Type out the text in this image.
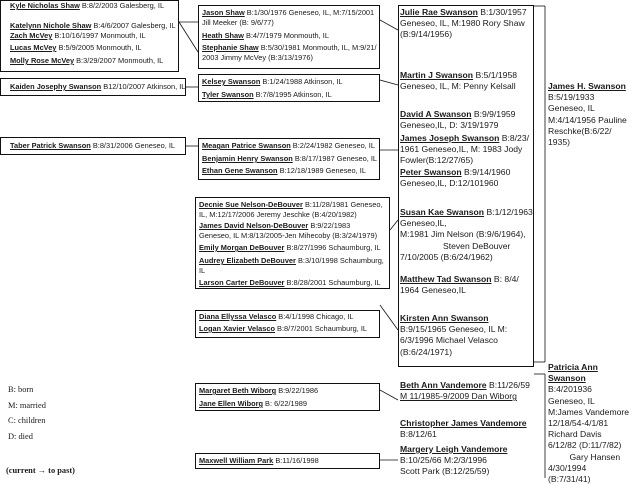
Kyle Nicholas Shaw B:8/2/2003 Galesberg, IL
Katelynn Nichole Shaw B:4/6/2007 Galesberg, IL
Zach McVey B:10/16/1997 Monmouth, IL
Lucas McVey B:5/9/2005 Monmouth, IL
Molly Rose McVey B:3/29/2007 Monmouth, IL
Kaiden Josephy Swanson B12/10/2007 Atkinson, IL
Taber Patrick Swanson B:8/31/2006 Geneseo, IL
Jason Shaw B:1/30/1976 Geneseo, IL, M:7/15/2001
Jill Meeker (B: 9/6/77)
Heath Shaw B:4/7/1979 Monmouth, IL
Stephanie Shaw B:5/30/1981 Monmouth, IL, M:9/21/
2003 Jimmy McVey (B:3/13/1976)
Kelsey Swanson B:1/24/1988 Atkinson, IL
Tyler Swanson B:7/8/1995 Atkinson, IL
Meagan Patrice Swanson B:2/24/1982 Geneseo, IL
Benjamin Henry Swanson B:8/17/1987 Geneseo, IL
Ethan Gene Swanson B:12/18/1989 Geneseo, IL
Decnie Sue Nelson-DeBouver B:11/28/1981 Geneseo,
IL, M:12/17/2006 Jeremy Jeschke (B:4/20/1982)
James David Nelson-DeBouver B:9/22/1983
Geneseo, IL M:8/13/2005-Jen Mihecoby (B:3/24/1979)
Emily Morgan DeBouver B:8/27/1996 Schaumburg, IL
Audrey Elizabeth DeBouver B:3/10/1998 Schaumburg,
IL
Larson Carter DeBouver B:8/28/2001 Schaumburg, IL
Diana Ellyssa Velasco B:4/1/1998 Chicago, IL
Logan Xavier Velasco B:8/7/2001 Schaumburg, IL
Margaret Beth Wiborg B:9/22/1986
Jane Ellen Wiborg B: 6/22/1989
Maxwell William Park B:11/16/1998
Julie Rae Swanson B:1/30/1957
Geneseo, IL, M:1980 Rory Shaw
(B:9/14/1956)
Martin J Swanson B:5/1/1958
Geneseo, IL, M: Penny Kelsall
David A Swanson B:9/9/1959
Geneseo,IL, D: 3/19/1979
James Joseph Swanson B:8/23/
1961 Geneseo,IL, M: 1983 Jody
Fowler(B:12/27/65)
Peter Swanson B:9/14/1960
Geneseo,IL, D:12/101960
Susan Kae Swanson B:1/12/1963
Geneseo,IL,
M:1981 Jim Nelson (B:9/6/1964),
Steven DeBouver
7/10/2005 (B:6/24/1962)
Matthew Tad Swanson B: 8/4/
1964 Geneseo,IL
Kirsten Ann Swanson
B:9/15/1965 Geneseo, IL M:
6/3/1996 Michael Velasco
(B:6/24/1971)
Beth Ann Vandemore B:11/26/59
M 11/1985-9/2009 Dan Wiborg
Christopher James Vandemore
B:8/12/61
Margery Leigh Vandemore
B:10/25/66 M:2/3/1996
Scott Park (B:12/25/59)
James H. Swanson
B:5/19/1933
Geneseo, IL
M:4/14/1956 Pauline
Reschke(B:6/22/
1935)
Patricia Ann
Swanson
B:4/201936
Geneseo, IL
M:James Vandemore
12/18/54-4/1/81
Richard Davis
6/12/82 (D:11/7/82)
Gary Hansen
4/30/1994
(B:7/31/41)
B: born
M: married
C: children
D: died
(current → to past)
